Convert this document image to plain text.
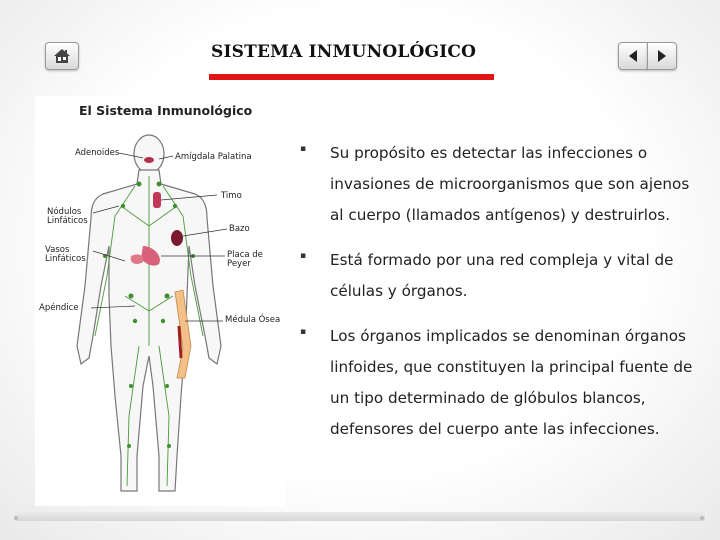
SISTEMA INMUNOLÓGICO
El Sistema Inmunológico
Adenoides	Amígdala Palatina
Timo
Nódulos
Linfáticos
Bazo
Vasos
Linfáticos	Placa de
Peyer
Apéndice
Médula Ósea
▪	Su propósito es detectar las infecciones o invasiones de microorganismos que son ajenos al cuerpo (llamados antígenos) y destruirlos.
▪	Está formado por una red compleja y vital de células y órganos.
▪	Los órganos implicados se denominan órganos linfoides, que constituyen la principal fuente de un tipo determinado de glóbulos blancos, defensores del cuerpo ante las infecciones.
